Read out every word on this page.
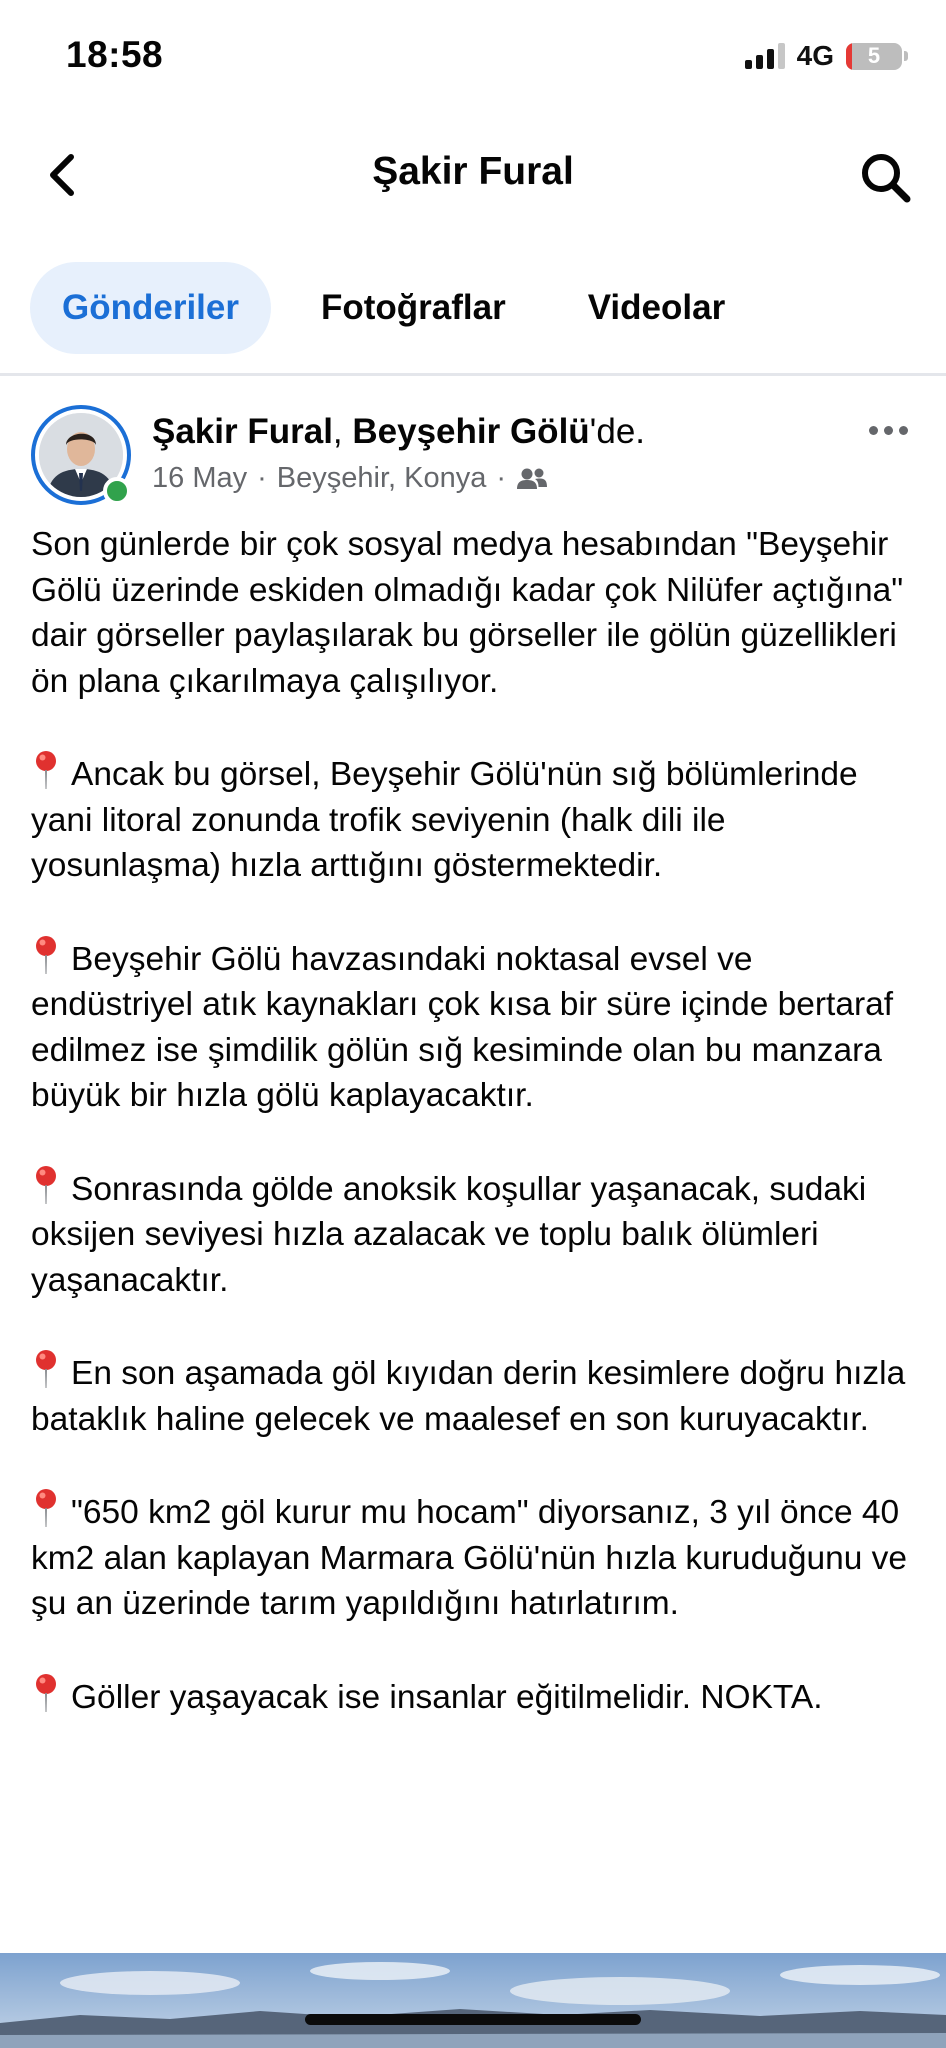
18:58	4G 5
Şakir Fural
Gönderiler	Fotoğraflar	Videolar
Şakir Fural, Beyşehir Gölü'de.
16 May · Beyşehir, Konya ·

Son günlerde bir çok sosyal medya hesabından "Beyşehir Gölü üzerinde eskiden olmadığı kadar çok Nilüfer açtığına" dair görseller paylaşılarak bu görseller ile gölün güzellikleri ön plana çıkarılmaya çalışılıyor.

Ancak bu görsel, Beyşehir Gölü'nün sığ bölümlerinde yani litoral zonunda trofik seviyenin (halk dili ile yosunlaşma) hızla arttığını göstermektedir.

Beyşehir Gölü havzasındaki noktasal evsel ve endüstriyel atık kaynakları çok kısa bir süre içinde bertaraf edilmez ise şimdilik gölün sığ kesiminde olan bu manzara büyük bir hızla gölü kaplayacaktır.

Sonrasında gölde anoksik koşullar yaşanacak, sudaki oksijen seviyesi hızla azalacak ve toplu balık ölümleri yaşanacaktır.

En son aşamada göl kıyıdan derin kesimlere doğru hızla bataklık haline gelecek ve maalesef en son kuruyacaktır.

"650 km2 göl kurur mu hocam" diyorsanız, 3 yıl önce 40 km2 alan kaplayan Marmara Gölü'nün hızla kuruduğunu ve şu an üzerinde tarım yapıldığını hatırlatırım.

Göller yaşayacak ise insanlar eğitilmelidir. NOKTA.
